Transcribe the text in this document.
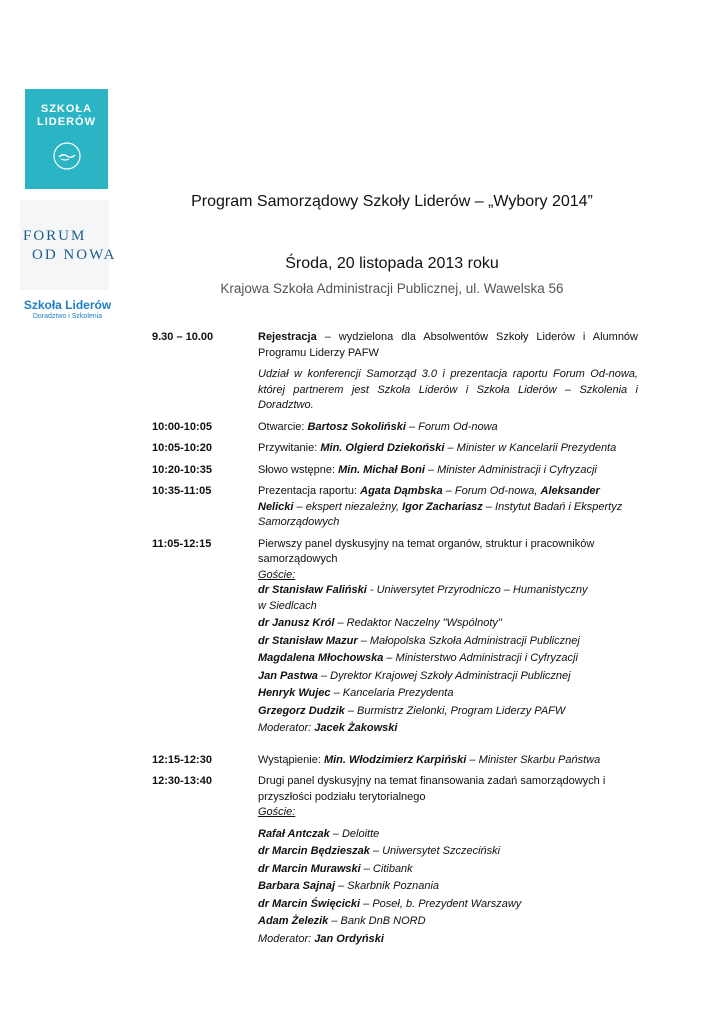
SZKOŁA
LIDERÓW
FORUM
OD NOWA
Szkoła Liderów
Doradztwo i Szkolenia
Program Samorządowy Szkoły Liderów – „Wybory 2014”
Środa, 20 listopada 2013 roku
Krajowa Szkoła Administracji Publicznej, ul. Wawelska 56
9.30 – 10.00	Rejestracja – wydzielona dla Absolwentów Szkoły Liderów i Alumnów Programu Liderzy PAFW
Udział w konferencji Samorząd 3.0 i prezentacja raportu Forum Od-nowa, której partnerem jest Szkoła Liderów i Szkoła Liderów – Szkolenia i Doradztwo.
10:00-10:05	Otwarcie: Bartosz Sokoliński – Forum Od-nowa
10:05-10:20	Przywitanie: Min. Olgierd Dziekoński – Minister w Kancelarii Prezydenta
10:20-10:35	Słowo wstępne: Min. Michał Boni – Minister Administracji i Cyfryzacji
10:35-11:05	Prezentacja raportu: Agata Dąmbska – Forum Od-nowa, Aleksander Nelicki – ekspert niezależny, Igor Zachariasz – Instytut Badań i Ekspertyz Samorządowych
11:05-12:15	Pierwszy panel dyskusyjny na temat organów, struktur i pracowników samorządowych
Goście:
dr Stanisław Faliński - Uniwersytet Przyrodniczo – Humanistyczny w Siedlcach
dr Janusz Król – Redaktor Naczelny "Wspólnoty"
dr Stanisław Mazur – Małopolska Szkoła Administracji Publicznej
Magdalena Młochowska – Ministerstwo Administracji i Cyfryzacji
Jan Pastwa – Dyrektor Krajowej Szkoły Administracji Publicznej
Henryk Wujec – Kancelaria Prezydenta
Grzegorz Dudzik – Burmistrz Zielonki, Program Liderzy PAFW
Moderator: Jacek Żakowski
12:15-12:30	Wystąpienie: Min. Włodzimierz Karpiński – Minister Skarbu Państwa
12:30-13:40	Drugi panel dyskusyjny na temat finansowania zadań samorządowych i przyszłości podziału terytorialnego
Goście:
Rafał Antczak – Deloitte
dr Marcin Będzieszak – Uniwersytet Szczeciński
dr Marcin Murawski – Citibank
Barbara Sajnaj – Skarbnik Poznania
dr Marcin Święcicki – Poseł, b. Prezydent Warszawy
Adam Żelezik – Bank DnB NORD
Moderator: Jan Ordyński
